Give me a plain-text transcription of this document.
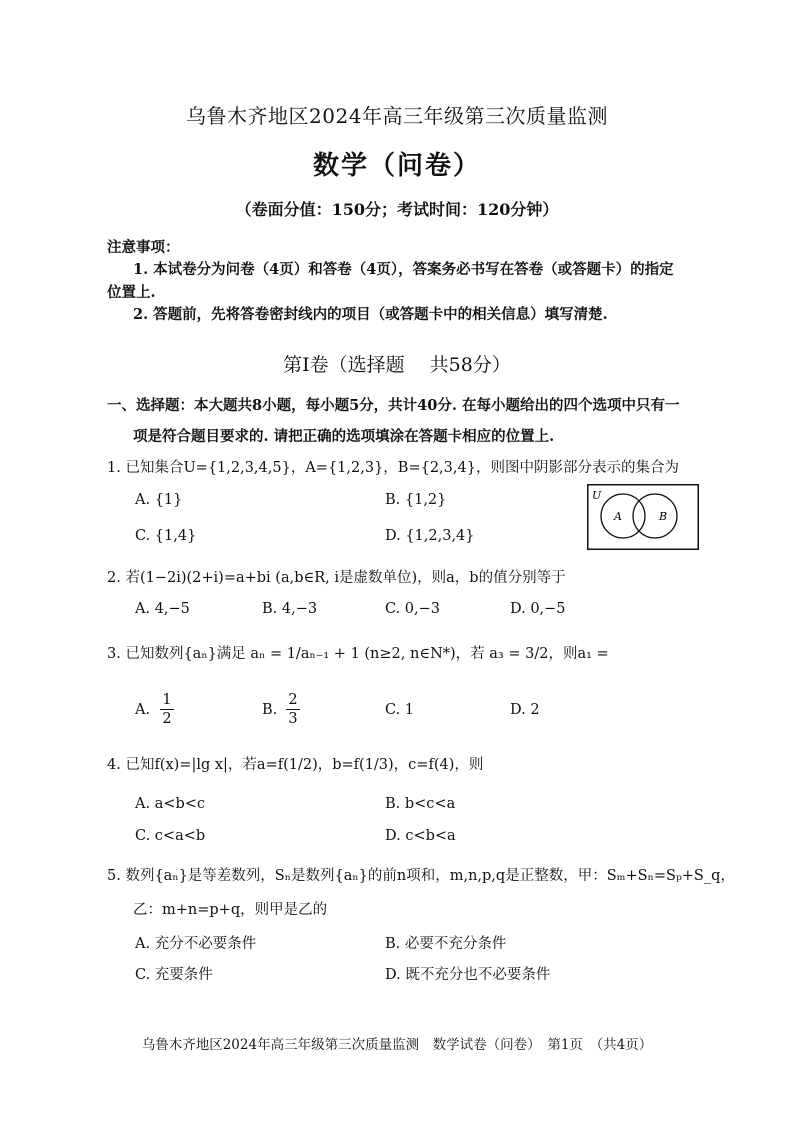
乌鲁木齐地区2024年高三年级第三次质量监测
数学（问卷）
（卷面分值：150分；考试时间：120分钟）
注意事项：
1. 本试卷分为问卷（4页）和答卷（4页），答案务必书写在答卷（或答题卡）的指定
位置上.
2. 答题前，先将答卷密封线内的项目（或答题卡中的相关信息）填写清楚.
第Ⅰ卷（选择题　 共58分）
一、选择题：本大题共8小题，每小题5分，共计40分. 在每小题给出的四个选项中只有一
项是符合题目要求的. 请把正确的选项填涂在答题卡相应的位置上.
1. 已知集合U={1,2,3,4,5}，A={1,2,3}，B={2,3,4}，则图中阴影部分表示的集合为
A. {1}	B. {1,2}
C. {1,4}	D. {1,2,3,4}
U
A	B
2. 若(1−2i)(2+i)=a+bi (a,b∈R, i是虚数单位)，则a，b的值分别等于
A. 4,−5	B. 4,−3	C. 0,−3	D. 0,−5
3. 已知数列{aₙ}满足 aₙ = 1/aₙ₋₁ + 1 (n≥2, n∈N*)，若 a₃ = 3/2，则a₁ =
A. $\frac{1}{2}$	B. $\frac{2}{3}$	C. 1	D. 2
4. 已知f(x)=|lg x|，若a=f(1/2)，b=f(1/3)，c=f(4)，则
A. a<b<c	B. b<c<a
C. c<a<b	D. c<b<a
5. 数列{aₙ}是等差数列，Sₙ是数列{aₙ}的前n项和，m,n,p,q是正整数，甲：Sₘ+Sₙ=Sₚ+S_q，
乙：m+n=p+q，则甲是乙的
A. 充分不必要条件	B. 必要不充分条件
C. 充要条件	D. 既不充分也不必要条件
乌鲁木齐地区2024年高三年级第三次质量监测　数学试卷（问卷）　第1页　（共4页）
